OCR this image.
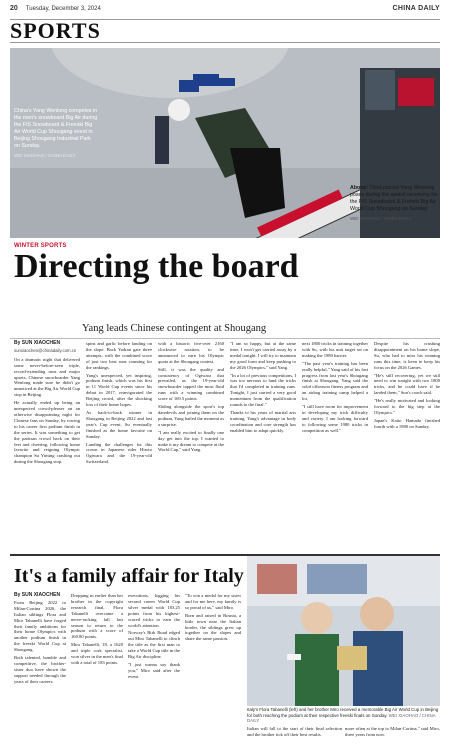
20 Tuesday, December 3, 2024	CHINA DAILY
SPORTS
China's Yang Wenlong competes in the men's snowboard Big Air during the FIS Snowboard & Freeski Big Air World Cup Shougang event in Beijing Shougang Industrial Park on Sunday.
WEI XIAOHAO / CHINA DAILY
Above: Third-placed Yang Wenlong poses during the award ceremony for the FIS Snowboard & Freeski Big Air World Cup Shougang on Sunday.
WEI XIAOHAO / CHINA DAILY
WINTER SPORTS
Directing the board
Yang leads Chinese contingent at Shougang
By SUN XIAOCHEN
sunxiaochen@chinadaily.com.cn

On a dramatic night that delivered some never-before-seen triple, record-extending runs and major upsets, Chinese snowboarder Yang Wenlong made sure he didn't go unnoticed at the Big Air World Cup stop in Beijing.

He actually ended up being an unexpected crowd-pleaser on an otherwise disappointing night for Chinese fans on Sunday, by rowing to his career first podium finish in the series. It was something to get the partisan crowd back on their feet and cheering, following home favorite and reigning Olympic champion Su Yiming crashing out during the Shougang stop.

spins and garlic before landing on the slope. Back Yadran gate three attempts, with the combined score of just two best runs counting for the rankings.

Yang's unexpected, yet inspiring, podium finish, which was his first in 11 World Cup events since his debut in 2017, reinvigorated the Beijing crowd, after the shocking loss of their home hopes.

As back-to-back winner in Shougang in Beijing 2022 and last year's Cup event, Su eventually finished as the home favorite on Sunday.

Landing the challenges for this crown in Japanese rider Hiroto Ogiwara and the 19-year-old Switzerland.

with a historic five-over 2160 clockwise rotation, to be announced to earn his Olympic quota at the Shougang contest.

Still, it was the quality and consistency of Ogiwara that prevailed, as the 19-year-old snowboarder tapped the most fluid runs with a winning combined score of 169.5 points.

Sliding alongside the sport's top daredevils and joining them on the podium, Yang hailed the moment as a surprise.

"I am really excited to finally one day get into the top. I wanted to make it my dream to compete at the World Cup," said Yang.

"I am so happy, but at the same time, I won't get carried away by a medal tonight. I will try to maintain my good form and keep pushing to the 2026 Olympics," said Yang.

"In a lot of previous competitions, I was too nervous to land the tricks that I'd completed in training runs. Tonight, I just carried a very good momentum from the qualification rounds to the final."

Thanks to his years of martial arts training, Yang's advantage in body coordination and core strength has enabled him to adapt quickly.

next 1800 tricks in training together with Su, with his unit target set on making the 1980 barrier.

"The past year's training has been really helpful," Yang said of his fast progress from last year's Shougang finish at Shougang. Yang said the solid offseason fitness program and an airbag training camp helped a lot.

"I still have room for improvement in developing my trick difficulty and variety. I am looking forward to following some 1980 tricks in competition as well."

Despite his crushing disappointment on his home slope, Su, who had to miss his winning runs this time, is keen to keep his focus on the 2026 Games.

"He's still recovering, yet we still need to win tonight with two 1800 tricks, and he could have if he landed them," Sun's coach said.

"He's really motivated and looking forward to the big step at the Olympics."

Japan's Kaito Hamada finished fourth with a 1980 on Sunday.

It's a family affair for Italy
By SUN XIAOCHEN

From Beijing 2022 to Milan-Cortina 2026, the Italian siblings Flora and Miro Tabanelli have forged their family ambitions for their home Olympics with another podium finish in the freeski World Cup at Shougang.

Both talented, humble and competitive, the brother-sister duo have shown the support needed through the years of their careers.

Dropping in earlier than her brother in the copyright research final, Flora Tabanelli overcame a nerve-racking fall last season to return to the podium with a score of 160.80 points.

Miro Tabanelli, 18, a 1620 and triple cork specialist, won silver in the men's final with a total of 183 points.

executions, logging his second career World Cup silver medal with 183.25 points from his highest-scored tricks to earn the world's attention.

Norway's Birk Ruud edged out Miro Tabanelli to clinch the title as the first man to take a World Cup title in the Big Air discipline.

"I just wanna say thank you," Miro said after the event.

"To win a medal for my sister and for me here, my family is so proud of us," said Miro.

Born and raised in Bosnia, a little town near the Italian border, the siblings grew up together on the slopes and share the same passion.

Italy's Flora Tabanelli (left) and her brother Miro received a memorable Big Air World Cup in Beijing for both reaching the podium at their respective freeski finals on Sunday. WEI XIAOHAO / CHINA DAILY

Italian will fall to the start of their final selection and the brother tick off their best results.

more often at the top to Milan-Cortina," said Miro, three years from now.
